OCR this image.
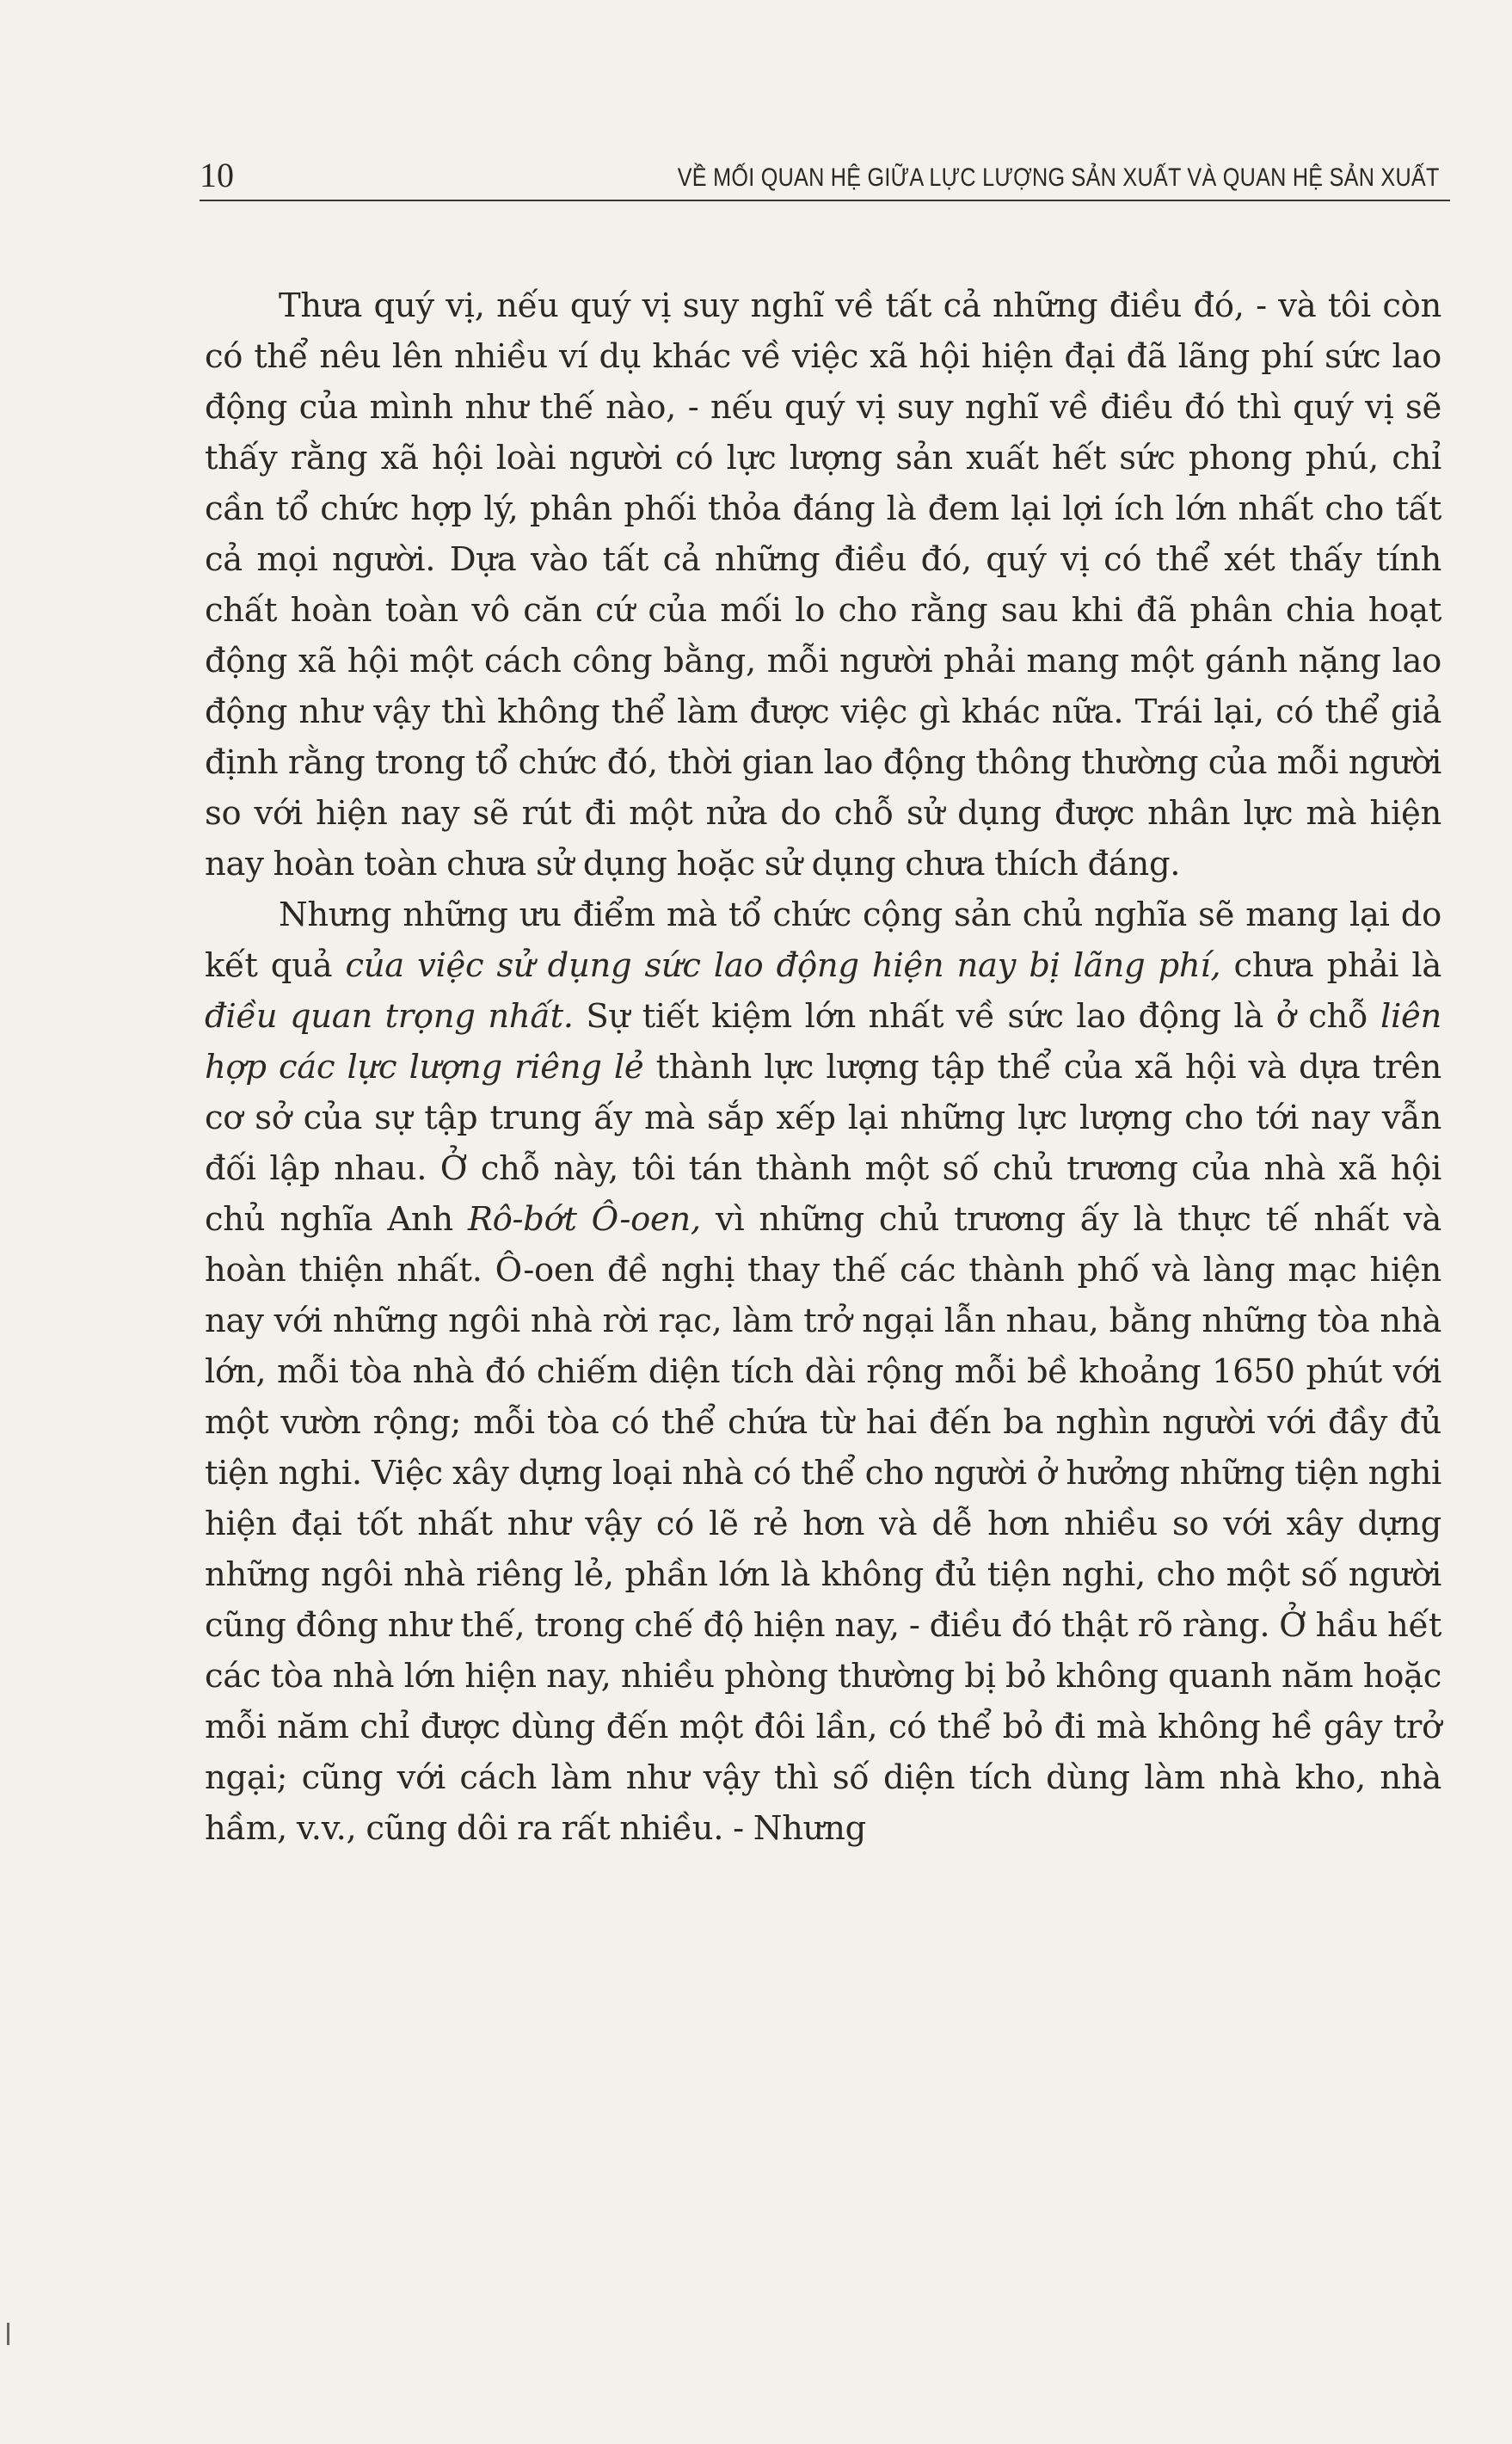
10	VỀ MỐI QUAN HỆ GIỮA LỰC LƯỢNG SẢN XUẤT VÀ QUAN HỆ SẢN XUẤT

Thưa quý vị, nếu quý vị suy nghĩ về tất cả những điều đó, - và tôi còn có thể nêu lên nhiều ví dụ khác về việc xã hội hiện đại đã lãng phí sức lao động của mình như thế nào, - nếu quý vị suy nghĩ về điều đó thì quý vị sẽ thấy rằng xã hội loài người có lực lượng sản xuất hết sức phong phú, chỉ cần tổ chức hợp lý, phân phối thỏa đáng là đem lại lợi ích lớn nhất cho tất cả mọi người. Dựa vào tất cả những điều đó, quý vị có thể xét thấy tính chất hoàn toàn vô căn cứ của mối lo cho rằng sau khi đã phân chia hoạt động xã hội một cách công bằng, mỗi người phải mang một gánh nặng lao động như vậy thì không thể làm được việc gì khác nữa. Trái lại, có thể giả định rằng trong tổ chức đó, thời gian lao động thông thường của mỗi người so với hiện nay sẽ rút đi một nửa do chỗ sử dụng được nhân lực mà hiện nay hoàn toàn chưa sử dụng hoặc sử dụng chưa thích đáng.

Nhưng những ưu điểm mà tổ chức cộng sản chủ nghĩa sẽ mang lại do kết quả của việc sử dụng sức lao động hiện nay bị lãng phí, chưa phải là điều quan trọng nhất. Sự tiết kiệm lớn nhất về sức lao động là ở chỗ liên hợp các lực lượng riêng lẻ thành lực lượng tập thể của xã hội và dựa trên cơ sở của sự tập trung ấy mà sắp xếp lại những lực lượng cho tới nay vẫn đối lập nhau. Ở chỗ này, tôi tán thành một số chủ trương của nhà xã hội chủ nghĩa Anh Rô-bớt Ô-oen, vì những chủ trương ấy là thực tế nhất và hoàn thiện nhất. Ô-oen đề nghị thay thế các thành phố và làng mạc hiện nay với những ngôi nhà rời rạc, làm trở ngại lẫn nhau, bằng những tòa nhà lớn, mỗi tòa nhà đó chiếm diện tích dài rộng mỗi bề khoảng 1650 phút với một vườn rộng; mỗi tòa có thể chứa từ hai đến ba nghìn người với đầy đủ tiện nghi. Việc xây dựng loại nhà có thể cho người ở hưởng những tiện nghi hiện đại tốt nhất như vậy có lẽ rẻ hơn và dễ hơn nhiều so với xây dựng những ngôi nhà riêng lẻ, phần lớn là không đủ tiện nghi, cho một số người cũng đông như thế, trong chế độ hiện nay, - điều đó thật rõ ràng. Ở hầu hết các tòa nhà lớn hiện nay, nhiều phòng thường bị bỏ không quanh năm hoặc mỗi năm chỉ được dùng đến một đôi lần, có thể bỏ đi mà không hề gây trở ngại; cũng với cách làm như vậy thì số diện tích dùng làm nhà kho, nhà hầm, v.v., cũng dôi ra rất nhiều. - Nhưng
